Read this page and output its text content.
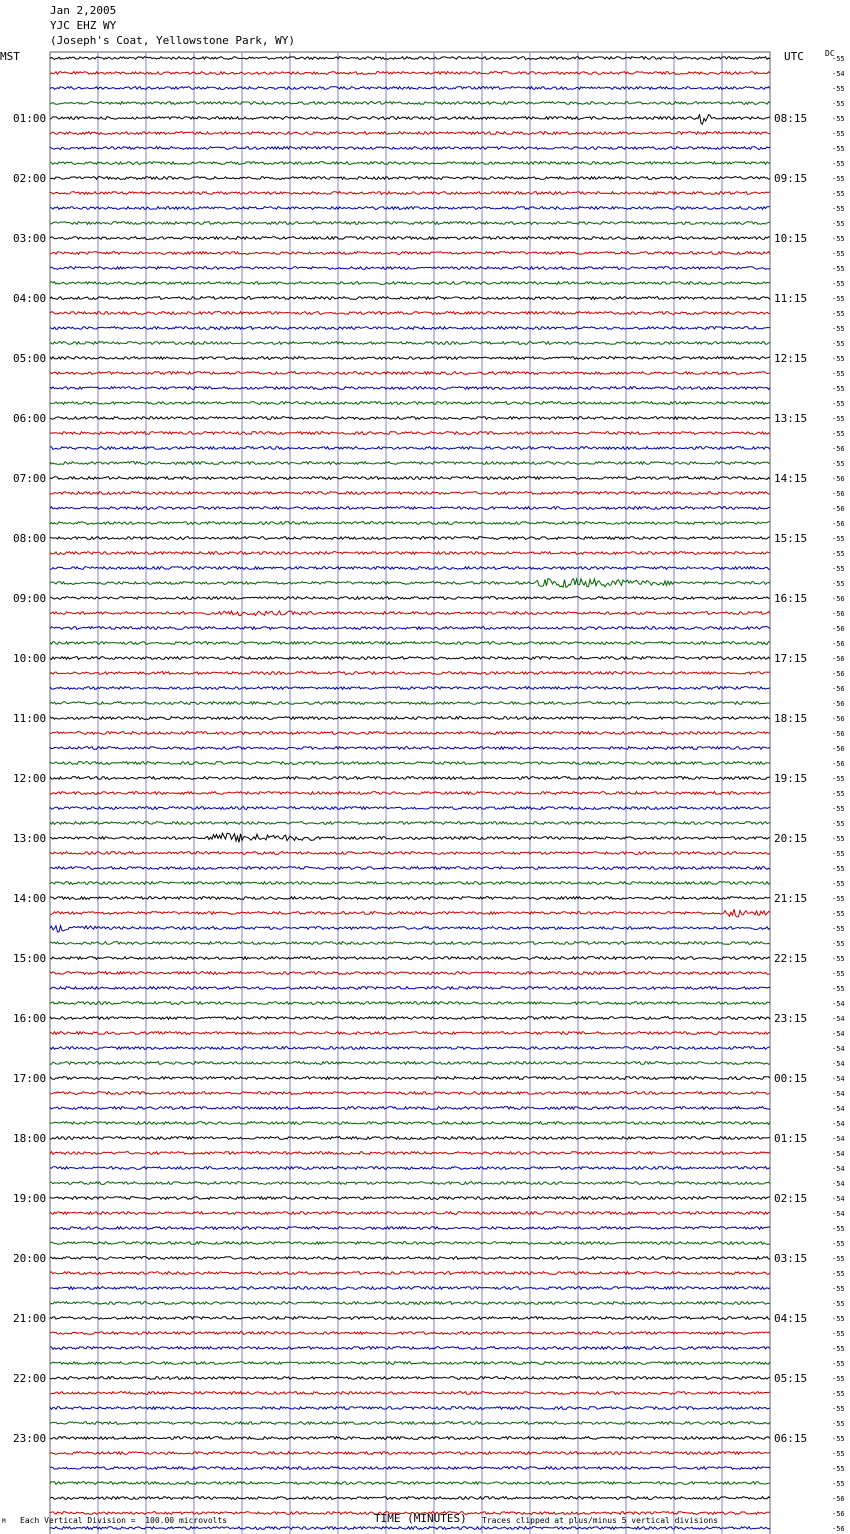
Jan 2,2005
YJC EHZ WY
(Joseph's Coat, Yellowstone Park, WY)
MST	UTC	DC
-55
-54
-55
-55
-55
-55
-55
-55
-55
-55
-55
-55
-55
-55
-55
-55
-55
-55
-55
-55
-55
-55
-55
-55
-55
-55
-56
-55
-56
-56
-56
-56
-55
-55
-55
-55
-56
-56
-56
-56
-56
-56
-56
-56
-56
-56
-56
-56
-55
-55
-55
-55
-55
-55
-55
-55
-55
-55
-55
-55
-55
-55
-55
-54
-54
-54
-54
-54
-54
-54
-54
-54
-54
-54
-54
-54
-54
-54
-55
-55
-55
-55
-55
-55
-55
-55
-55
-55
-55
-55
-55
-55
-55
-55
-55
-55
-56
-56
-56
01:00	08:15
02:00	09:15
03:00	10:15
04:00	11:15
05:00	12:15
06:00	13:15
07:00	14:15
08:00	15:15
09:00	16:15
10:00	17:15
11:00	18:15
12:00	19:15
13:00	20:15
14:00	21:15
15:00	22:15
16:00	23:15
17:00	00:15
18:00	01:15
19:00	02:15
20:00	03:15
21:00	04:15
22:00	05:15
23:00	06:15
M Each Vertical Division =  100.00 microvolts	TIME (MINUTES) Traces clipped at plus/minus 5 vertical divisions
